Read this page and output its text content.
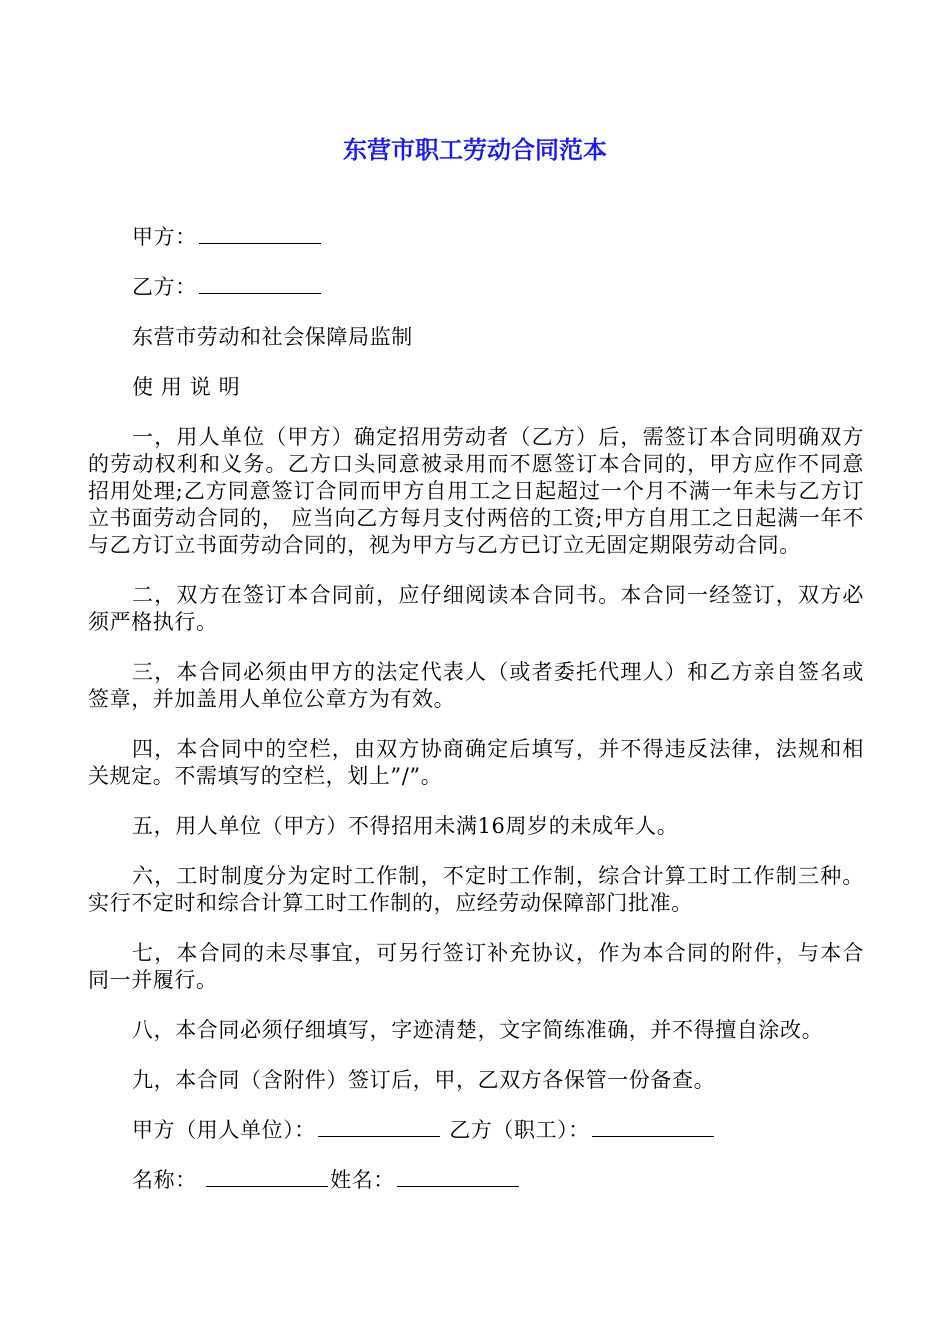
东营市职工劳动合同范本

甲方：

乙方：

东营市劳动和社会保障局监制

使 用 说 明

一，用人单位（甲方）确定招用劳动者（乙方）后，需签订本合同明确双方的劳动权利和义务。乙方口头同意被录用而不愿签订本合同的，甲方应作不同意招用处理;乙方同意签订合同而甲方自用工之日起超过一个月不满一年未与乙方订立书面劳动合同的， 应当向乙方每月支付两倍的工资;甲方自用工之日起满一年不与乙方订立书面劳动合同的，视为甲方与乙方已订立无固定期限劳动合同。

二，双方在签订本合同前，应仔细阅读本合同书。本合同一经签订，双方必须严格执行。

三，本合同必须由甲方的法定代表人（或者委托代理人）和乙方亲自签名或签章，并加盖用人单位公章方为有效。

四，本合同中的空栏，由双方协商确定后填写，并不得违反法律，法规和相关规定。不需填写的空栏，划上”/”。

五，用人单位（甲方）不得招用未满16周岁的未成年人。

六，工时制度分为定时工作制，不定时工作制，综合计算工时工作制三种。实行不定时和综合计算工时工作制的，应经劳动保障部门批准。

七，本合同的未尽事宜，可另行签订补充协议，作为本合同的附件，与本合同一并履行。

八，本合同必须仔细填写，字迹清楚，文字简练准确，并不得擅自涂改。

九，本合同（含附件）签订后，甲，乙双方各保管一份备查。

甲方（用人单位）：	乙方（职工）：

名称：	姓名：
